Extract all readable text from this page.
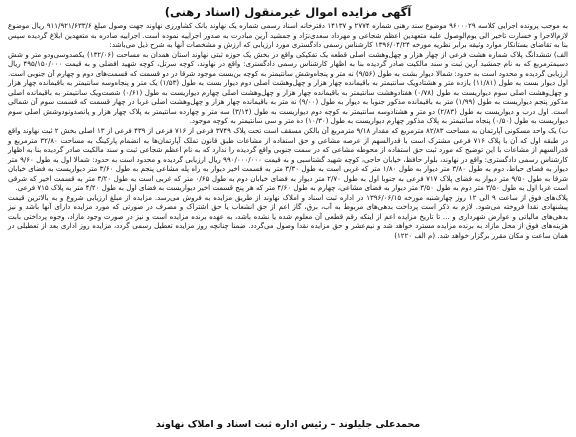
آگهی مزایده اموال غیرمنقول (اسناد رهنی)

به موجب پرونده اجرایی کلاسه ۹۶۰۰۰۲۹ موضوع سند رهنی شماره ۲۷۷۴ و ۱۴۱۳۷ دفترخانه اسناد رسمی شماره یک نهاوند بانک کشاورزی نهاوند جهت وصول مبلغ ۹۱۱/۹۲۱/۶۳۳/۶ ریال موضوع لازم‌الاجرا و خسارت تاخیر الی یوم‌الوصول علیه متعهدین اعظم شجاعی و مهرداد سعدی‌نژاد و جمشید آرین مبادرت به صدور اجراییه نموده است. اجراییه صادره به متعهدین ابلاغ گردیده سپس بنا به تقاضای بستانکار موارد وثیقه برابر نظریه مورخه ۱۳۹۶/۰۴/۲۴ کارشناس رسمی دادگستری مورد ارزیابی که ارزش و مشخصات آنها به شرح ذیل می‌باشد:

الف) ششدانگ پلاک شماره هشت فرعی از چهار هزار و چهل‌وهشت اصلی قطعه یک تفکیکی واقع در بخش یک حوزه ثبتی نهاوند استان همدان به مساحت (۱۳۲/۰۶) یکصدوسی‌ودو متر و شش دسیمترمربع که به نام جمشید آرین ثبت و سند مالکیت صادر گردیده بنا به اظهار کارشناس رسمی دادگستری: واقع در نهاوند، کوچه سرتل، کوچه شهید افضلی و به قیمت ۴۹۵/۱۵۰/۰۰۰ ریال ارزیابی گردیده و محدود است به حدود: شمالا دیوار بشت به طول (۹/۵۶) نه متر و پنجاه‌وشش سانتیمتر به کوچه بن‌بست موجود شرقا در دو قسمت که قسمت‌های دوم و چهارم آن جنوبی است. اول دیوار بست به طول (۱۱/۸۱) یازده متر و هشتادویک سانتیمتر به باقیمانده چهار هزار و چهل‌وهشت اصلی دوم دیوار بست به طول (۱/۵۳) یک متر و پنجاه‌وسه سانتیمتر به باقیمانده چهار هزار و چهل‌وهشت اصلی سوم دیواریست به طول (۰/۷۸) هفتادوهشت سانتیمتر به باقیمانده چهار هزار و چهل‌وهشت اصلی چهارم دیواریست به طول (۰/۶۱) شصت‌ویک سانتیمتر به باقیمانده اصلی مذکور پنجم دیواریست به طول (۱/۹۹) متر به باقیمانده مذکور جنوبا به دیوار به طول (۹/۰۰) نه متر به باقیمانده چهار هزار و چهل‌وهشت اصلی غربا در چهار قسمت که قسمت سوم آن شمالی است. اول درب و دیواریست به طول (۲/۸۳) دو متر و هشتادوسه سانتیمتر به کوچه دوم دیواریست به طول (۳/۱۴) سه متر و چهارده سانتیمتر به پلاک چهار هزار و پانصدونودوشش اصلی سوم دیواریست به طول (۰/۵۰) پنجاه سانتیمتر به پلاک مذکور چهارم دیواریست به طول (۱۰/۳۰) ده متر و سی سانتیمتر به کوچه موجود.

ب) یک واحد مسکونی آپارتمان به مساحت ۸۲/۸۳ مترمربع که مقدار ۹/۱۸ مترمربع آن بالکن مسقف است تحت پلاک ۳۷۴۹ فرعی از ۷۱۶ فرعی از ۴۳۹ فرعی از ۱۳ اصلی بخش ۲ ثبت نهاوند واقع در طبقه اول که آن با پلاک ۷۱۶ فرعی مشترک است با قدرالسهم از عرصه مشاعی و حق استفاده از مشاعات طبق قانون تملک آپارتمان‌ها به انضمام پارکینگ به مساحت ۳۲/۸۰ مترمربع و قدرالسهم از مشاعات با این توضیح که مورد ثبت حق استفاده از محوطه مشاعی که در سمت جنوبی واقع گردیده را ندارد که به نام اعظم شجاعی ثبت و سند مالکیت صادر گردیده بنا به اظهار کارشناس رسمی دادگستری: واقع در نهاوند، بلوار حافظ، خیابان حاجی، کوچه شهید گشتاسبی و به قیمت ۹۹۰/۰۰۰/۰۰۰ ریال ارزیابی گردیده و محدود است به حدود: شمالا اول به طول ۹/۶۰ متر دیوار به فضای حیاط، دوم به طول ۳/۸۰ متر دیوار به طول ۱/۸۰ متر که غربی است به طول ۳/۳۰ متر به قسمت اخیر دیوار به راه پله مشاعی پنجم به طول ۳/۶۰ متر دیواریست به فضای خیابان شرقا به طول ۹/۵۰ متر دیوار به فضای پلاک ۷۱۷ فرعی به جنوبا اول به طول ۲/۷۰ متر دیوار به فضای خیابان دوم به طول ۰/۶۵ متر که غربی است به طول ۳/۲۰ متر به قسمت اخیر که شرقی است غربا اول به طول ۳/۵۰ متر دوم به طول ۳/۵۰ متر دیوار به فضای مشاعی، چهارم به طول ۴/۶۰ متر که هر پنج قسمت اخیر دیواریست به فضای اول به طول ۴/۲۰ متر به پلاک ۷۱۵ فرعی.

پلاک‌های فوق از ساعت ۹ الی ۱۲ روز چهارشنبه مورخه ۱۳۹۶/۰۶/۱۵ در اداره ثبت اسناد و املاک نهاوند از طریق مزایده به فروش می‌رسد. مزایده از مبلغ ارزیابی شروع و به بالاترین قیمت پیشنهادی نقدا فروخته می‌شود. لازم به ذکر است پرداخت بدهی‌های مربوط به آب، برق، گاز اعم از حق انشعاب یا حق اشتراک و مصرف در صورتی که مورد مزایده دارای آنها باشد و نیز بدهی‌های مالیاتی و عوارض شهرداری و ... تا تاریخ مزایده اعم از اینکه رقم قطعی آن معلوم شده یا نشده باشد، به عهده برنده مزایده است و نیز در صورت وجود مازاد، وجوه پرداختی بابت هزینه‌های فوق از محل مازاد به برنده مزایده مسترد خواهد شد و نیم‌عشر و حق مزایده نقدا وصول می‌گردد. ضمنا چنانچه روز مزایده تعطیل رسمی گردد، مزایده روز اداری بعد از تعطیلی در همان ساعت و مکان مقرر برگزار خواهد شد. (م الف ۱۲۲۰)

محمدعلی جلیلوند – رئیس اداره ثبت اسناد و املاک نهاوند
